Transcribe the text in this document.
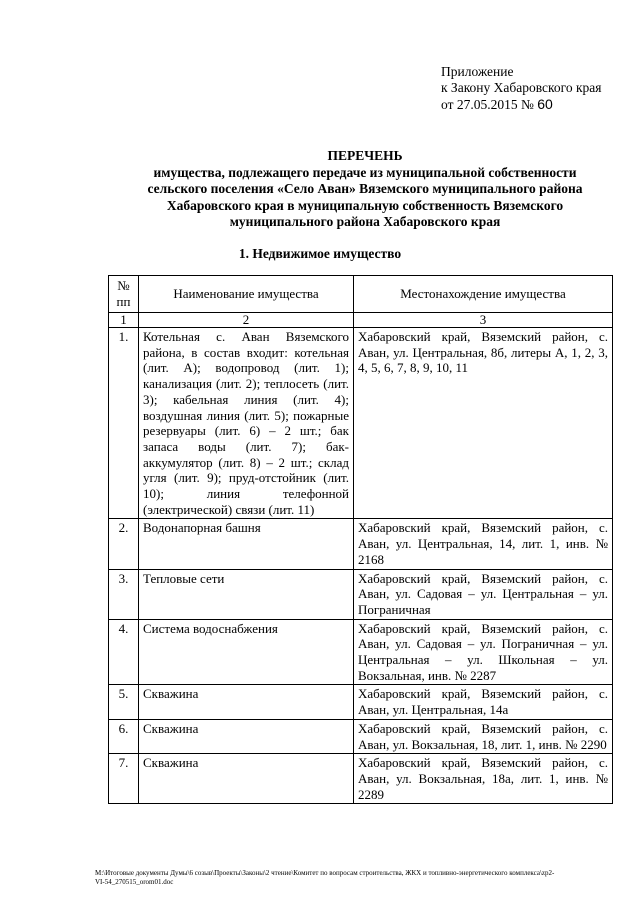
Приложение
к Закону Хабаровского края
от 27.05.2015 № 60
ПЕРЕЧЕНЬ
имущества, подлежащего передаче из муниципальной собственности
сельского поселения «Село Аван» Вяземского муниципального района
Хабаровского края в муниципальную собственность Вяземского
муниципального района Хабаровского края
1. Недвижимое имущество
№ пп	Наименование имущества	Местонахождение имущества
1	2	3
1.	Котельная с. Аван Вяземского района, в состав входит: котельная (лит. А); водопровод (лит. 1); канализация (лит. 2); теплосеть (лит. 3); кабельная линия (лит. 4); воздушная линия (лит. 5); пожарные резервуары (лит. 6) – 2 шт.; бак запаса воды (лит. 7); бак-аккумулятор (лит. 8) – 2 шт.; склад угля (лит. 9); пруд-отстойник (лит. 10); линия телефонной (электрической) связи (лит. 11)	Хабаровский край, Вяземский район, с. Аван, ул. Центральная, 8б, литеры А, 1, 2, 3, 4, 5, 6, 7, 8, 9, 10, 11
2.	Водонапорная башня	Хабаровский край, Вяземский район, с. Аван, ул. Центральная, 14, лит. 1, инв. № 2168
3.	Тепловые сети	Хабаровский край, Вяземский район, с. Аван, ул. Садовая – ул. Центральная – ул. Пограничная
4.	Система водоснабжения	Хабаровский край, Вяземский район, с. Аван, ул. Садовая – ул. Пограничная – ул. Центральная – ул. Школьная – ул. Вокзальная, инв. № 2287
5.	Скважина	Хабаровский край, Вяземский район, с. Аван, ул. Центральная, 14а
6.	Скважина	Хабаровский край, Вяземский район, с. Аван, ул. Вокзальная, 18, лит. 1, инв. № 2290
7.	Скважина	Хабаровский край, Вяземский район, с. Аван, ул. Вокзальная, 18а, лит. 1, инв. № 2289
M:\Итоговые документы Думы\6 созыв\Проекты\Законы\2 чтение\Комитет по вопросам строительства, ЖКХ и топливно-энергетического комплекса\zp2-
VI-54_270515_orom01.doc
